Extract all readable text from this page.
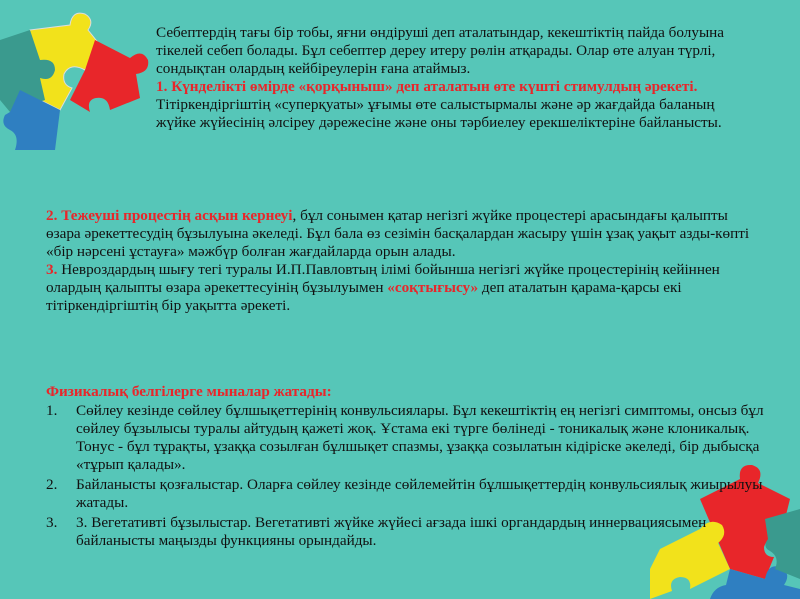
Себептердің тағы бір тобы, яғни өндіруші деп аталатындар, кекештіктің пайда болуына тікелей себеп болады. Бұл себептер дереу итеру рөлін атқарады. Олар өте алуан түрлі, сондықтан олардың кейбіреулерін ғана атаймыз.
1. Күнделікті өмірде «қорқыныш» деп аталатын өте күшті стимулдың әрекеті. Тітіркендіргіштің «суперқуаты» ұғымы өте салыстырмалы және әр жағдайда баланың жүйке жүйесінің әлсіреу дәрежесіне және оны тәрбиелеу ерекшеліктеріне байланысты.
2. Тежеуші процестің асқын кернеуі, бұл сонымен қатар негізгі жүйке процестері арасындағы қалыпты өзара әрекеттесудің бұзылуына әкеледі. Бұл бала өз сезімін басқалардан жасыру үшін ұзақ уақыт азды-көпті «бір нәрсені ұстауға» мәжбүр болған жағдайларда орын алады.
3. Невроздардың шығу тегі туралы И.П.Павловтың ілімі бойынша негізгі жүйке процестерінің кейіннен олардың қалыпты өзара әрекеттесуінің бұзылуымен «соқтығысу» деп аталатын қарама-қарсы екі тітіркендіргіштің бір уақытта әрекеті.
Физикалық белгілерге мыналар жатады:
1. Сөйлеу кезінде сөйлеу бұлшықеттерінің конвульсиялары. Бұл кекештіктің ең негізгі симптомы, онсыз бұл сөйлеу бұзылысы туралы айтудың қажеті жоқ. Ұстама екі түрге бөлінеді - тоникалық және клоникалық. Тонус - бұл тұрақты, ұзаққа созылған бұлшықет спазмы, ұзаққа созылатын кідіріске әкеледі, бір дыбысқа «тұрып қалады».
2. Байланысты қозғалыстар. Оларға сөйлеу кезінде сөйлемейтін бұлшықеттердің конвульсиялық жиырылуы жатады.
3. 3. Вегетативті бұзылыстар. Вегетативті жүйке жүйесі ағзада ішкі органдардың иннервациясымен байланысты маңызды функцияны орындайды.
